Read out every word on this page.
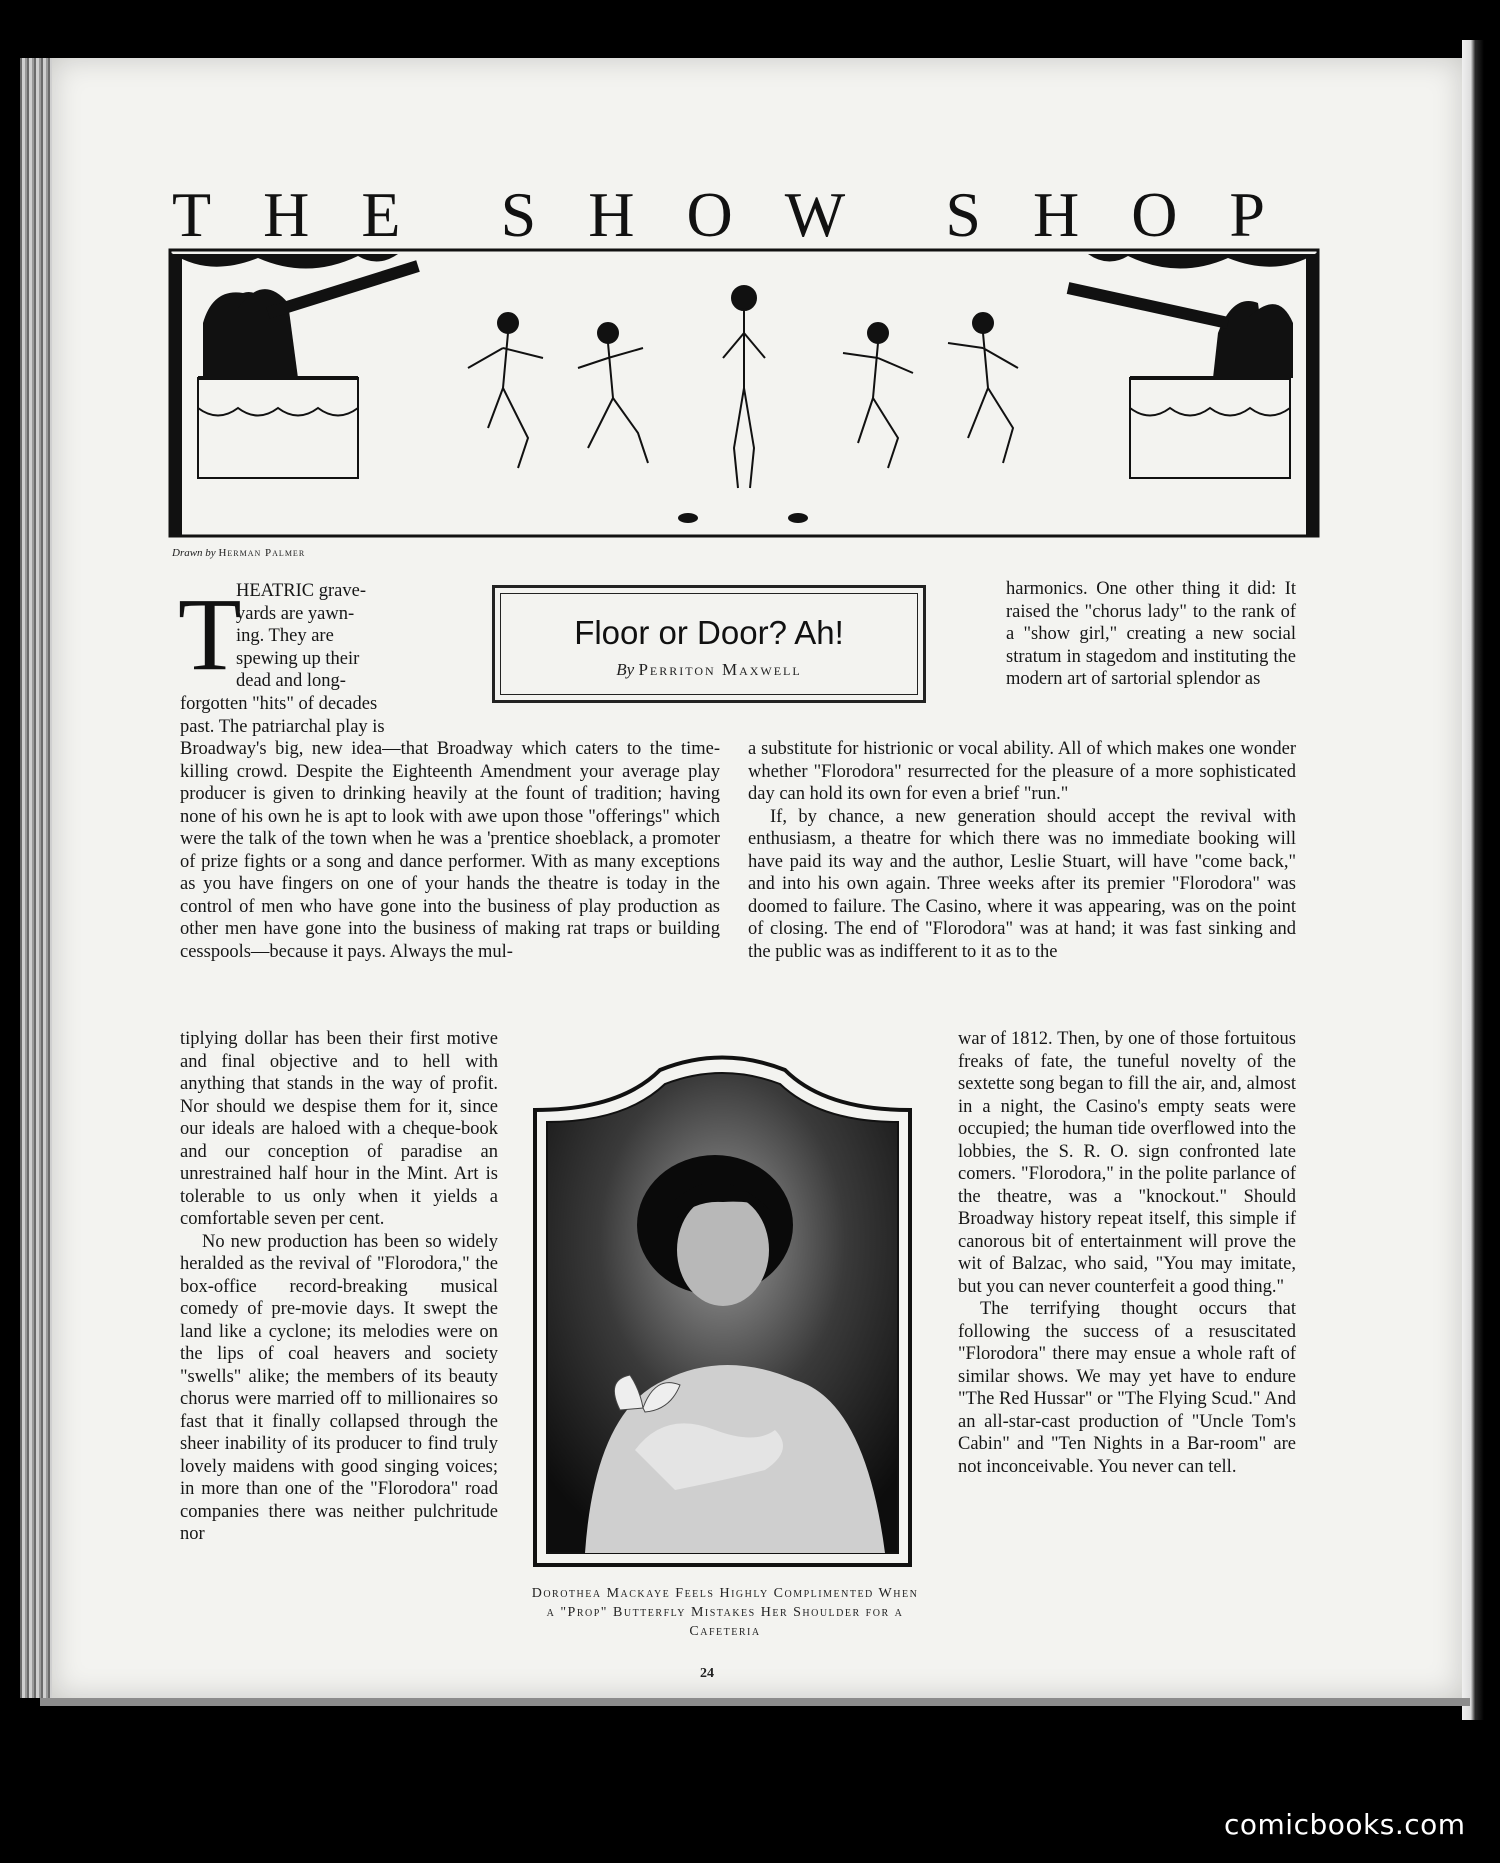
THE SHOW SHOP
Drawn by Herman Palmer
Floor or Door? Ah!
By Perriton Maxwell
T

HEATRIC grave-

yards are yawn-

ing. They are

spewing up their

dead and long-

forgotten "hits" of decades

past. The patriarchal play is

Broadway's big, new idea—that Broadway which caters to the time-killing crowd. Despite the Eighteenth Amendment your average play producer is given to drinking heavily at the fount of tradition; having none of his own he is apt to look with awe upon those "offerings" which were the talk of the town when he was a 'prentice shoeblack, a promoter of prize fights or a song and dance performer. With as many exceptions as you have fingers on one of your hands the theatre is today in the control of men who have gone into the business of play production as other men have gone into the business of making rat traps or building cesspools—because it pays. Always the mul-

tiplying dollar has been their first motive and final objective and to hell with anything that stands in the way of profit. Nor should we despise them for it, since our ideals are haloed with a cheque-book and our conception of paradise an unrestrained half hour in the Mint. Art is tolerable to us only when it yields a comfortable seven per cent.

No new production has been so widely heralded as the revival of "Florodora," the box-office record-breaking musical comedy of pre-movie days. It swept the land like a cyclone; its melodies were on the lips of coal heavers and society "swells" alike; the members of its beauty chorus were married off to millionaires so fast that it finally collapsed through the sheer inability of its producer to find truly lovely maidens with good singing voices; in more than one of the "Florodora" road companies there was neither pulchritude nor

harmonics. One other thing it did: It raised the "chorus lady" to the rank of a "show girl," creating a new social stratum in stagedom and instituting the modern art of sartorial splendor as

a substitute for histrionic or vocal ability. All of which makes one wonder whether "Florodora" resurrected for the pleasure of a more sophisticated day can hold its own for even a brief "run."

If, by chance, a new generation should accept the revival with enthusiasm, a theatre for which there was no immediate booking will have paid its way and the author, Leslie Stuart, will have "come back," and into his own again. Three weeks after its premier "Florodora" was doomed to failure. The Casino, where it was appearing, was on the point of closing. The end of "Florodora" was at hand; it was fast sinking and the public was as indifferent to it as to the

war of 1812. Then, by one of those fortuitous freaks of fate, the tuneful novelty of the sextette song began to fill the air, and, almost in a night, the Casino's empty seats were occupied; the human tide overflowed into the lobbies, the S. R. O. sign confronted late comers. "Florodora," in the polite parlance of the theatre, was a "knockout." Should Broadway history repeat itself, this simple if canorous bit of entertainment will prove the wit of Balzac, who said, "You may imitate, but you can never counterfeit a good thing."

The terrifying thought occurs that following the success of a resuscitated "Florodora" there may ensue a whole raft of similar shows. We may yet have to endure "The Red Hussar" or "The Flying Scud." And an all-star-cast production of "Uncle Tom's Cabin" and "Ten Nights in a Bar-room" are not inconceivable. You never can tell.

Dorothea Mackaye Feels Highly Complimented When a "Prop" Butterfly Mistakes Her Shoulder for a Cafeteria
24
comicbooks.com
